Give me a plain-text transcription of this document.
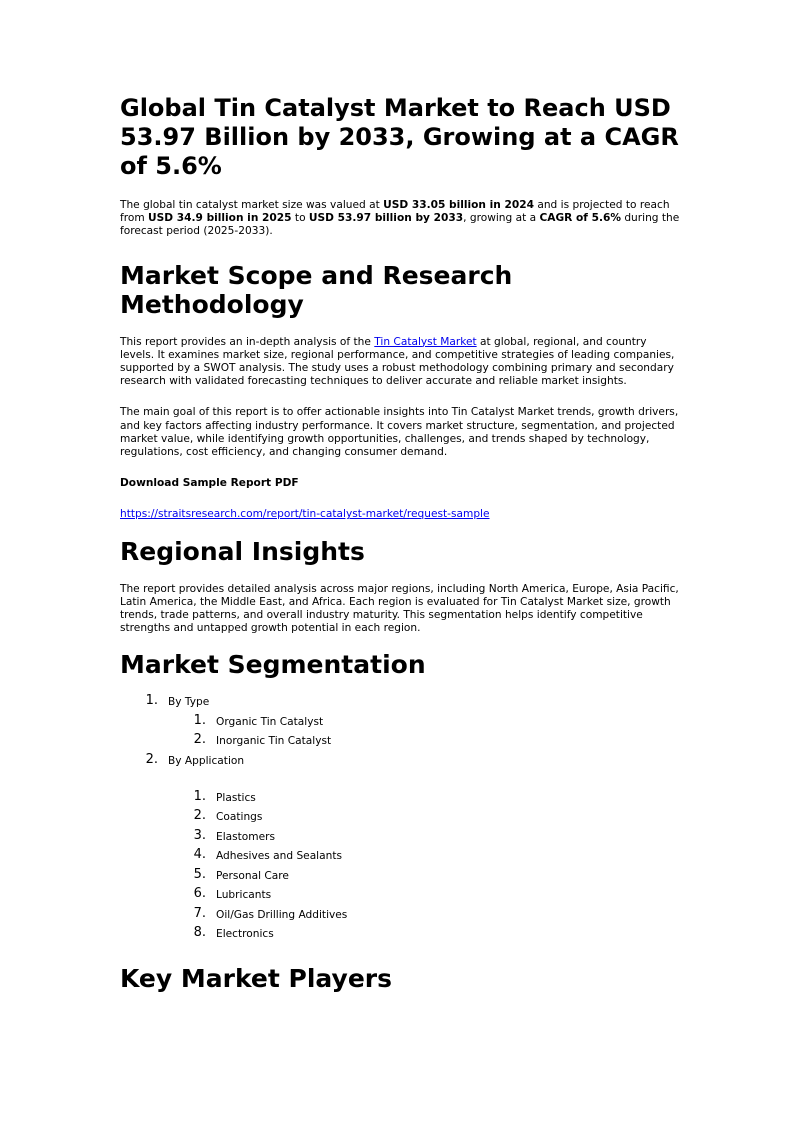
Global Tin Catalyst Market to Reach USD 53.97 Billion by 2033, Growing at a CAGR of 5.6%

The global tin catalyst market size was valued at USD 33.05 billion in 2024 and is projected to reach from USD 34.9 billion in 2025 to USD 53.97 billion by 2033, growing at a CAGR of 5.6% during the forecast period (2025-2033).

Market Scope and Research Methodology

This report provides an in-depth analysis of the Tin Catalyst Market at global, regional, and country levels. It examines market size, regional performance, and competitive strategies of leading companies, supported by a SWOT analysis. The study uses a robust methodology combining primary and secondary research with validated forecasting techniques to deliver accurate and reliable market insights.

The main goal of this report is to offer actionable insights into Tin Catalyst Market trends, growth drivers, and key factors affecting industry performance. It covers market structure, segmentation, and projected market value, while identifying growth opportunities, challenges, and trends shaped by technology, regulations, cost efficiency, and changing consumer demand.

Download Sample Report PDF

https://straitsresearch.com/report/tin-catalyst-market/request-sample

Regional Insights

The report provides detailed analysis across major regions, including North America, Europe, Asia Pacific, Latin America, the Middle East, and Africa. Each region is evaluated for Tin Catalyst Market size, growth trends, trade patterns, and overall industry maturity. This segmentation helps identify competitive strengths and untapped growth potential in each region.

Market Segmentation
1. By Type
1. Organic Tin Catalyst
2. Inorganic Tin Catalyst
2. By Application
1. Plastics
2. Coatings
3. Elastomers
4. Adhesives and Sealants
5. Personal Care
6. Lubricants
7. Oil/Gas Drilling Additives
8. Electronics
Key Market Players
